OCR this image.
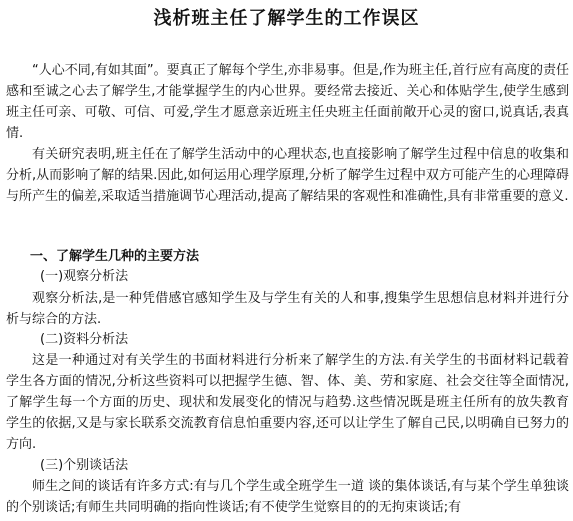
浅析班主任了解学生的工作误区

“人心不同,有如其面”。要真正了解每个学生,亦非易事。但是,作为班主任,首行应有高度的责任感和至诚之心去了解学生,才能掌握学生的内心世界。要经常去接近、关心和体贴学生,使学生感到班主任可亲、可敬、可信、可爱,学生才愿意亲近班主任央班主任面前敞开心灵的窗口,说真话,表真情.

有关研究表明,班主任在了解学生活动中的心理状态,也直接影响了解学生过程中信息的收集和分析,从而影响了解的结果.因此,如何运用心理学原理,分析了解学生过程中双方可能产生的心理障碍与所产生的偏差,采取适当措施调节心理活动,提高了解结果的客观性和准确性,具有非常重要的意义.

一、了解学生几种的主要方法
(一)观察分析法

观察分析法,是一种凭借感官感知学生及与学生有关的人和事,搜集学生思想信息材料并进行分析与综合的方法.

(二)资料分析法

这是一种通过对有关学生的书面材料进行分析来了解学生的方法.有关学生的书面材料记载着学生各方面的情况,分析这些资料可以把握学生德、智、体、美、劳和家庭、社会交往等全面情况,了解学生每一个方面的历史、现状和发展变化的情况与趋势.这些情况既是班主任所有的放失教育学生的依据,又是与家长联系交流教育信息怕重要内容,还可以让学生了解自己民,以明确自已努力的方向.

(三)个别谈话法

师生之间的谈话有许多方式:有与几个学生或全班学生一道 谈的集体谈话,有与某个学生单独谈的个别谈话;有师生共同明确的指向性谈话;有不使学生觉察目的的无拘束谈话;有
